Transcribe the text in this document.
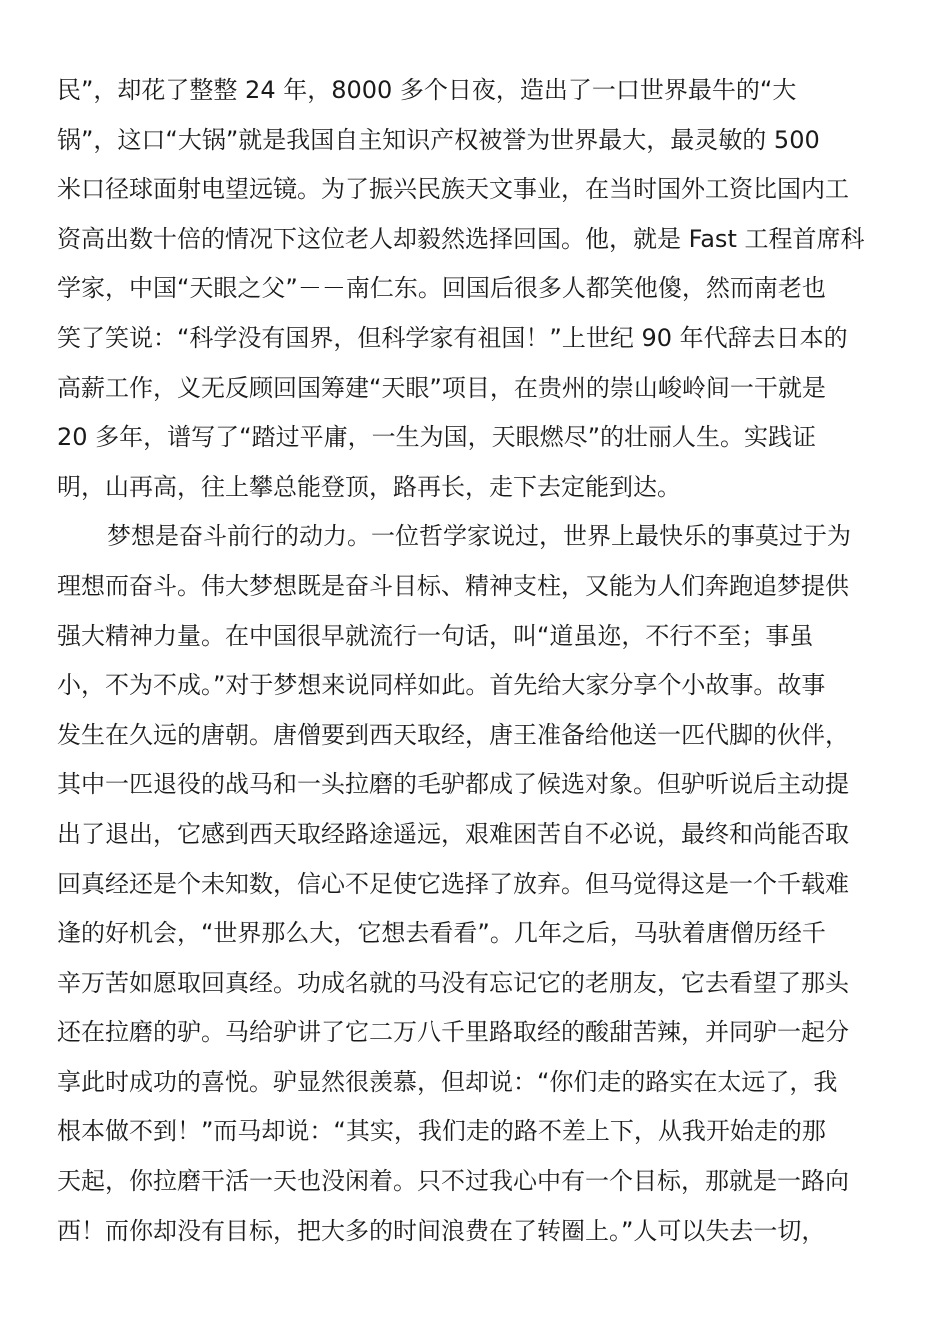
民”，却花了整整 24 年，8000 多个日夜，造出了一口世界最牛的“大
锅”，这口“大锅”就是我国自主知识产权被誉为世界最大，最灵敏的 500
米口径球面射电望远镜。为了振兴民族天文事业，在当时国外工资比国内工
资高出数十倍的情况下这位老人却毅然选择回国。他，就是 Fast 工程首席科
学家，中国“天眼之父”－－南仁东。回国后很多人都笑他傻，然而南老也
笑了笑说：“科学没有国界，但科学家有祖国！”上世纪 90 年代辞去日本的
高薪工作，义无反顾回国筹建“天眼”项目，在贵州的崇山峻岭间一干就是
20 多年，谱写了“踏过平庸，一生为国，天眼燃尽”的壮丽人生。实践证
明，山再高，往上攀总能登顶，路再长，走下去定能到达。
梦想是奋斗前行的动力。一位哲学家说过，世界上最快乐的事莫过于为
理想而奋斗。伟大梦想既是奋斗目标、精神支柱，又能为人们奔跑追梦提供
强大精神力量。在中国很早就流行一句话，叫“道虽迩，不行不至；事虽
小，不为不成。”对于梦想来说同样如此。首先给大家分享个小故事。故事
发生在久远的唐朝。唐僧要到西天取经，唐王准备给他送一匹代脚的伙伴，
其中一匹退役的战马和一头拉磨的毛驴都成了候选对象。但驴听说后主动提
出了退出，它感到西天取经路途遥远，艰难困苦自不必说，最终和尚能否取
回真经还是个未知数，信心不足使它选择了放弃。但马觉得这是一个千载难
逢的好机会，“世界那么大，它想去看看”。几年之后，马驮着唐僧历经千
辛万苦如愿取回真经。功成名就的马没有忘记它的老朋友，它去看望了那头
还在拉磨的驴。马给驴讲了它二万八千里路取经的酸甜苦辣，并同驴一起分
享此时成功的喜悦。驴显然很羡慕，但却说：“你们走的路实在太远了，我
根本做不到！”而马却说：“其实，我们走的路不差上下，从我开始走的那
天起，你拉磨干活一天也没闲着。只不过我心中有一个目标，那就是一路向
西！而你却没有目标，把大多的时间浪费在了转圈上。”人可以失去一切，
